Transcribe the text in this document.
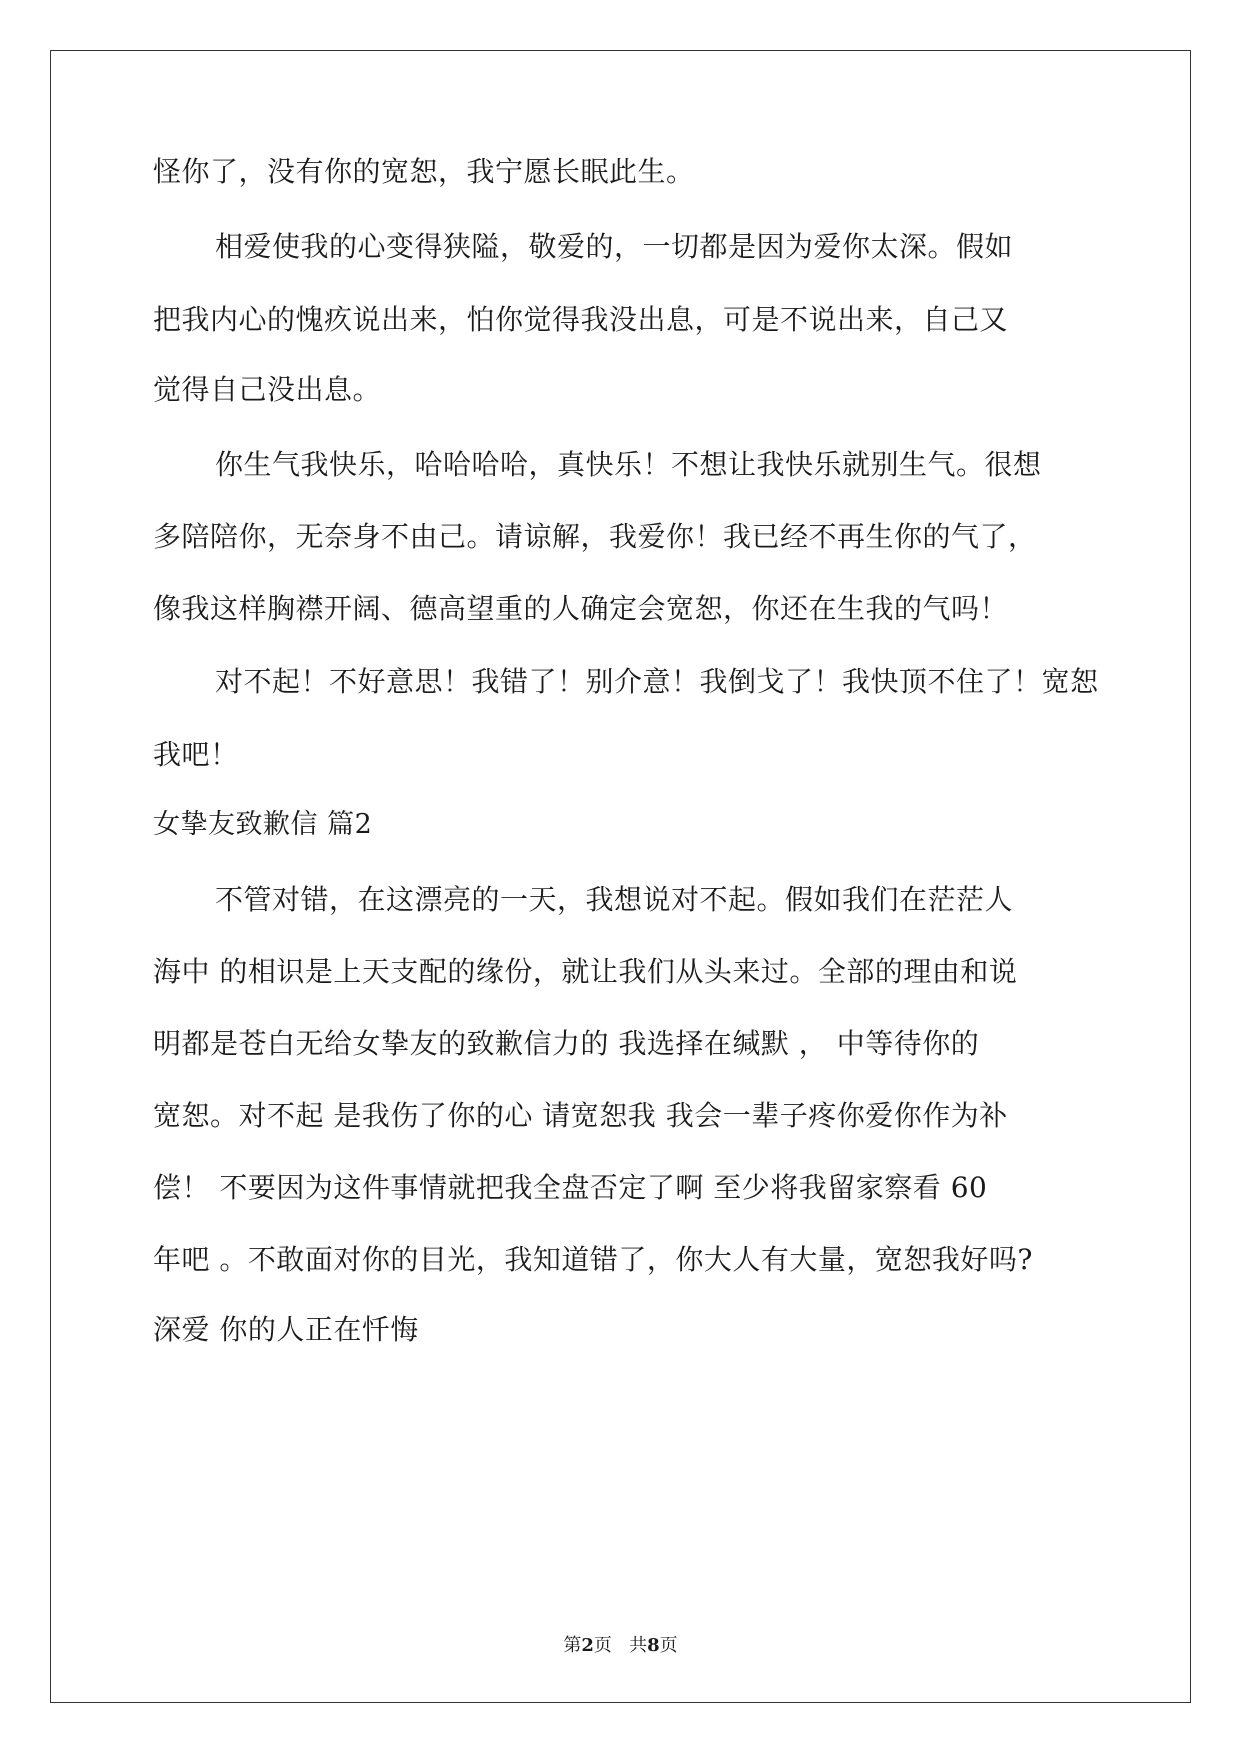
怪你了，没有你的宽恕，我宁愿长眠此生。
相爱使我的心变得狭隘，敬爱的，一切都是因为爱你太深。假如
把我内心的愧疚说出来，怕你觉得我没出息，可是不说出来，自己又
觉得自己没出息。
你生气我快乐，哈哈哈哈，真快乐！不想让我快乐就别生气。很想
多陪陪你，无奈身不由己。请谅解，我爱你！我已经不再生你的气了，
像我这样胸襟开阔、德高望重的人确定会宽恕，你还在生我的气吗！
对不起！不好意思！我错了！别介意！我倒戈了！我快顶不住了！宽恕
我吧！
女挚友致歉信 篇2
不管对错，在这漂亮的一天，我想说对不起。假如我们在茫茫人
海中 的相识是上天支配的缘份，就让我们从头来过。全部的理由和说
明都是苍白无给女挚友的致歉信力的 我选择在缄默 ， 中等待你的
宽恕。对不起 是我伤了你的心 请宽恕我 我会一辈子疼你爱你作为补
偿！ 不要因为这件事情就把我全盘否定了啊 至少将我留家察看 60
年吧 。不敢面对你的目光，我知道错了，你大人有大量，宽恕我好吗?
深爱 你的人正在忏悔
第2页   共8页
